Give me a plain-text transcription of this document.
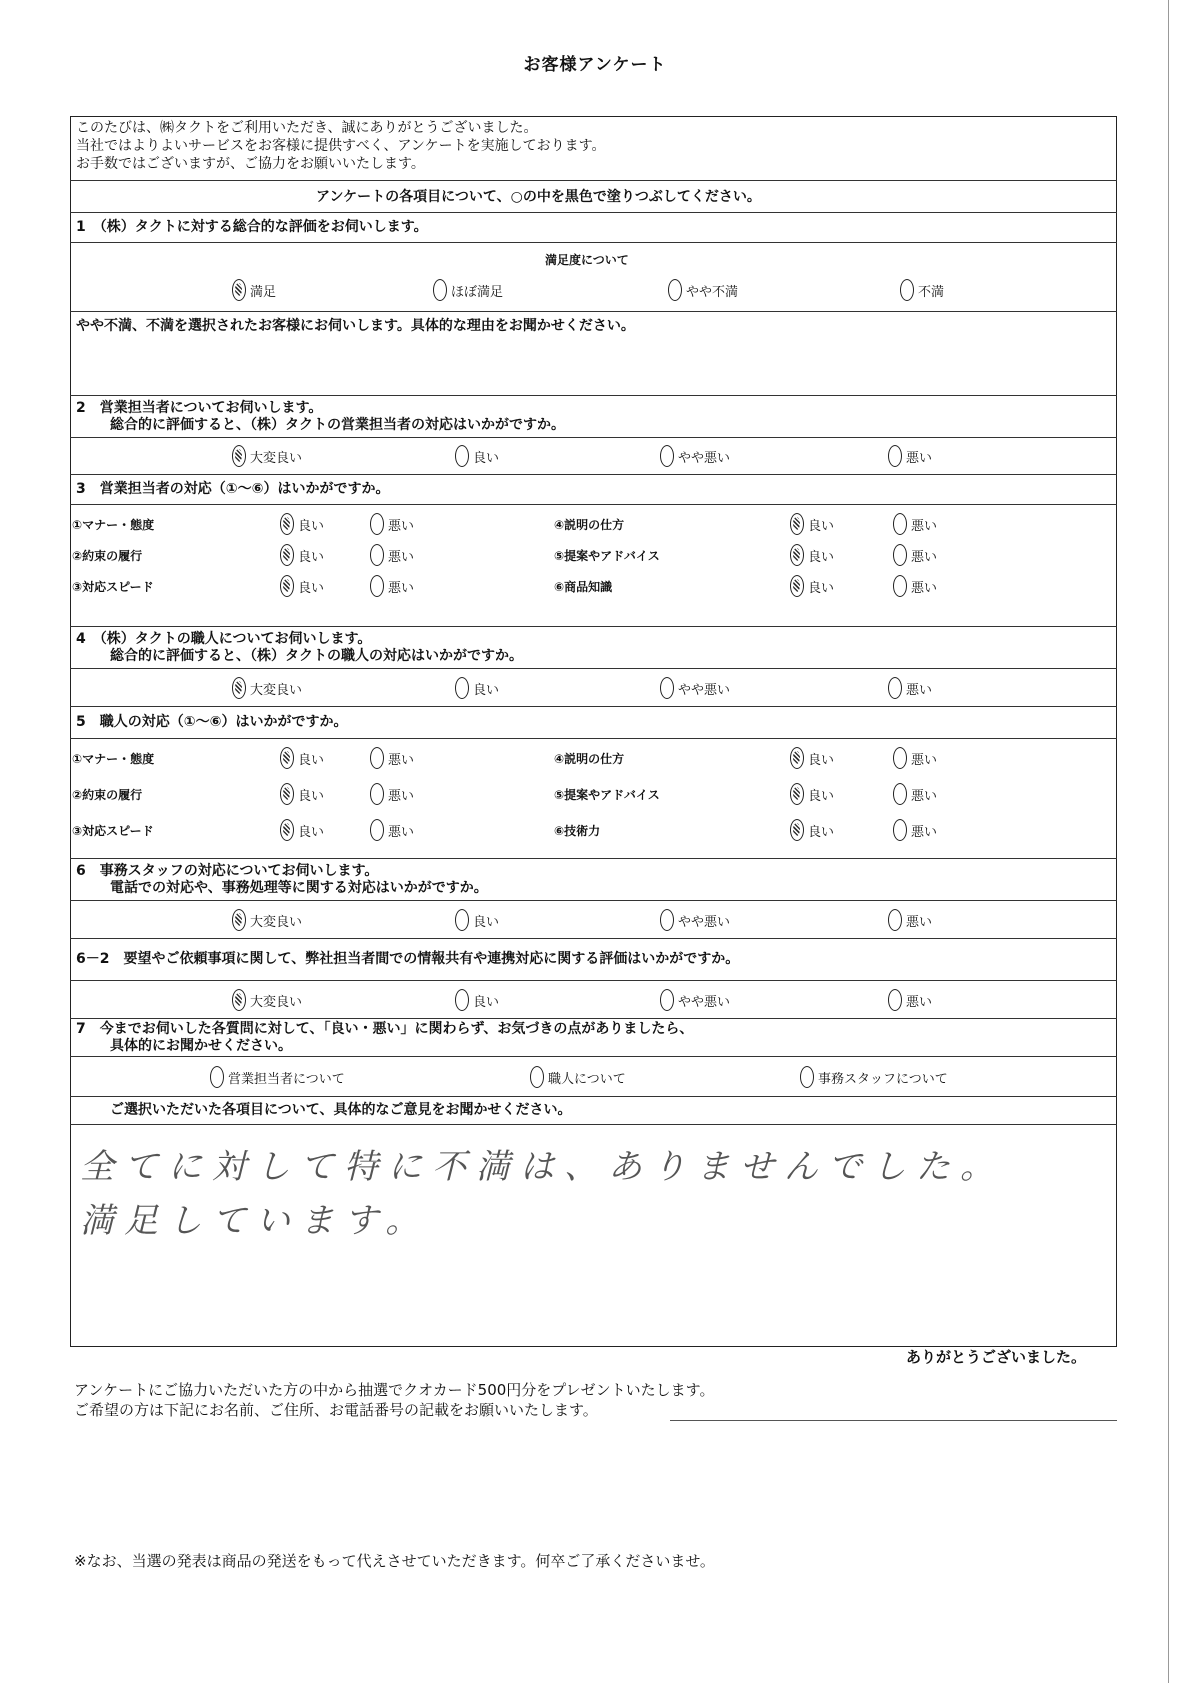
お客様アンケート
このたびは、㈱タクトをご利用いただき、誠にありがとうございました。
当社ではよりよいサービスをお客様に提供すべく、アンケートを実施しております。
お手数ではございますが、ご協力をお願いいたします。
アンケートの各項目について、○の中を黒色で塗りつぶしてください。
1　（株）タクトに対する総合的な評価をお伺いします。
満足度について
満足	ほぼ満足	やや不満	不満
やや不満、不満を選択されたお客様にお伺いします。具体的な理由をお聞かせください。
2　営業担当者についてお伺いします。
総合的に評価すると、（株）タクトの営業担当者の対応はいかがですか。
大変良い	良い	やや悪い	悪い
3　営業担当者の対応（①～⑥）はいかがですか。
①マナー・態度	良い	悪い
②約束の履行	良い	悪い
③対応スピード	良い	悪い
④説明の仕方	良い	悪い
⑤提案やアドバイス	良い	悪い
⑥商品知識	良い	悪い
4　（株）タクトの職人についてお伺いします。
総合的に評価すると、（株）タクトの職人の対応はいかがですか。
大変良い	良い	やや悪い	悪い
5　職人の対応（①～⑥）はいかがですか。
①マナー・態度	良い	悪い
②約束の履行	良い	悪い
③対応スピード	良い	悪い
④説明の仕方	良い	悪い
⑤提案やアドバイス	良い	悪い
⑥技術力	良い	悪い
6　事務スタッフの対応についてお伺いします。
電話での対応や、事務処理等に関する対応はいかがですか。
大変良い	良い	やや悪い	悪い
6－2　要望やご依頼事項に関して、弊社担当者間での情報共有や連携対応に関する評価はいかがですか。
大変良い	良い	やや悪い	悪い
7　今までお伺いした各質問に対して、「良い・悪い」に関わらず、お気づきの点がありましたら、
具体的にお聞かせください。
営業担当者について	職人について	事務スタッフについて
ご選択いただいた各項目について、具体的なご意見をお聞かせください。
全てに対して特に不満は、ありませんでした。
満足しています。
ありがとうございました。
アンケートにご協力いただいた方の中から抽選でクオカード500円分をプレゼントいたします。
ご希望の方は下記にお名前、ご住所、お電話番号の記載をお願いいたします。
※なお、当選の発表は商品の発送をもって代えさせていただきます。何卒ご了承くださいませ。
